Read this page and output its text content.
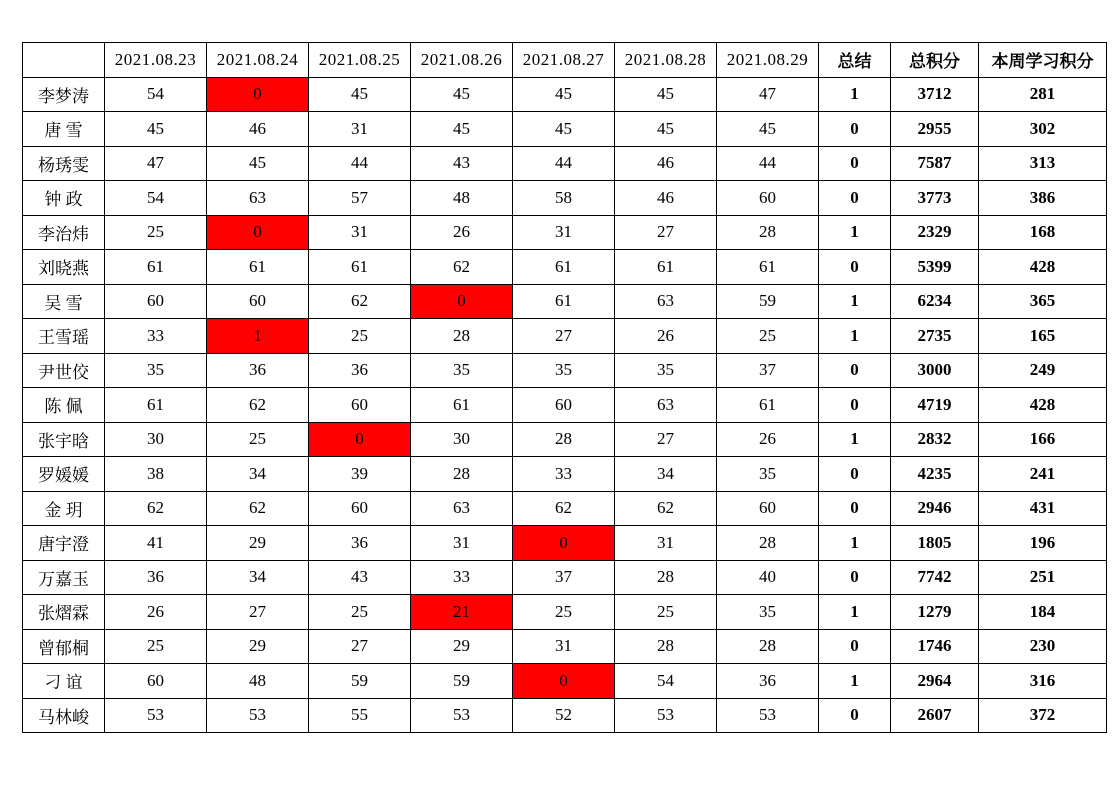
	2021.08.23	2021.08.24	2021.08.25	2021.08.26	2021.08.27	2021.08.28	2021.08.29	总结	总积分	本周学习积分
李梦涛	54	0	45	45	45	45	47	1	3712	281
唐 雪	45	46	31	45	45	45	45	0	2955	302
杨琇雯	47	45	44	43	44	46	44	0	7587	313
钟 政	54	63	57	48	58	46	60	0	3773	386
李治炜	25	0	31	26	31	27	28	1	2329	168
刘晓燕	61	61	61	62	61	61	61	0	5399	428
吴 雪	60	60	62	0	61	63	59	1	6234	365
王雪瑶	33	1	25	28	27	26	25	1	2735	165
尹世佼	35	36	36	35	35	35	37	0	3000	249
陈 佩	61	62	60	61	60	63	61	0	4719	428
张宇晗	30	25	0	30	28	27	26	1	2832	166
罗媛媛	38	34	39	28	33	34	35	0	4235	241
金 玥	62	62	60	63	62	62	60	0	2946	431
唐宇澄	41	29	36	31	0	31	28	1	1805	196
万嘉玉	36	34	43	33	37	28	40	0	7742	251
张熠霖	26	27	25	21	25	25	35	1	1279	184
曾郁桐	25	29	27	29	31	28	28	0	1746	230
刁 谊	60	48	59	59	0	54	36	1	2964	316
马林峻	53	53	55	53	52	53	53	0	2607	372
